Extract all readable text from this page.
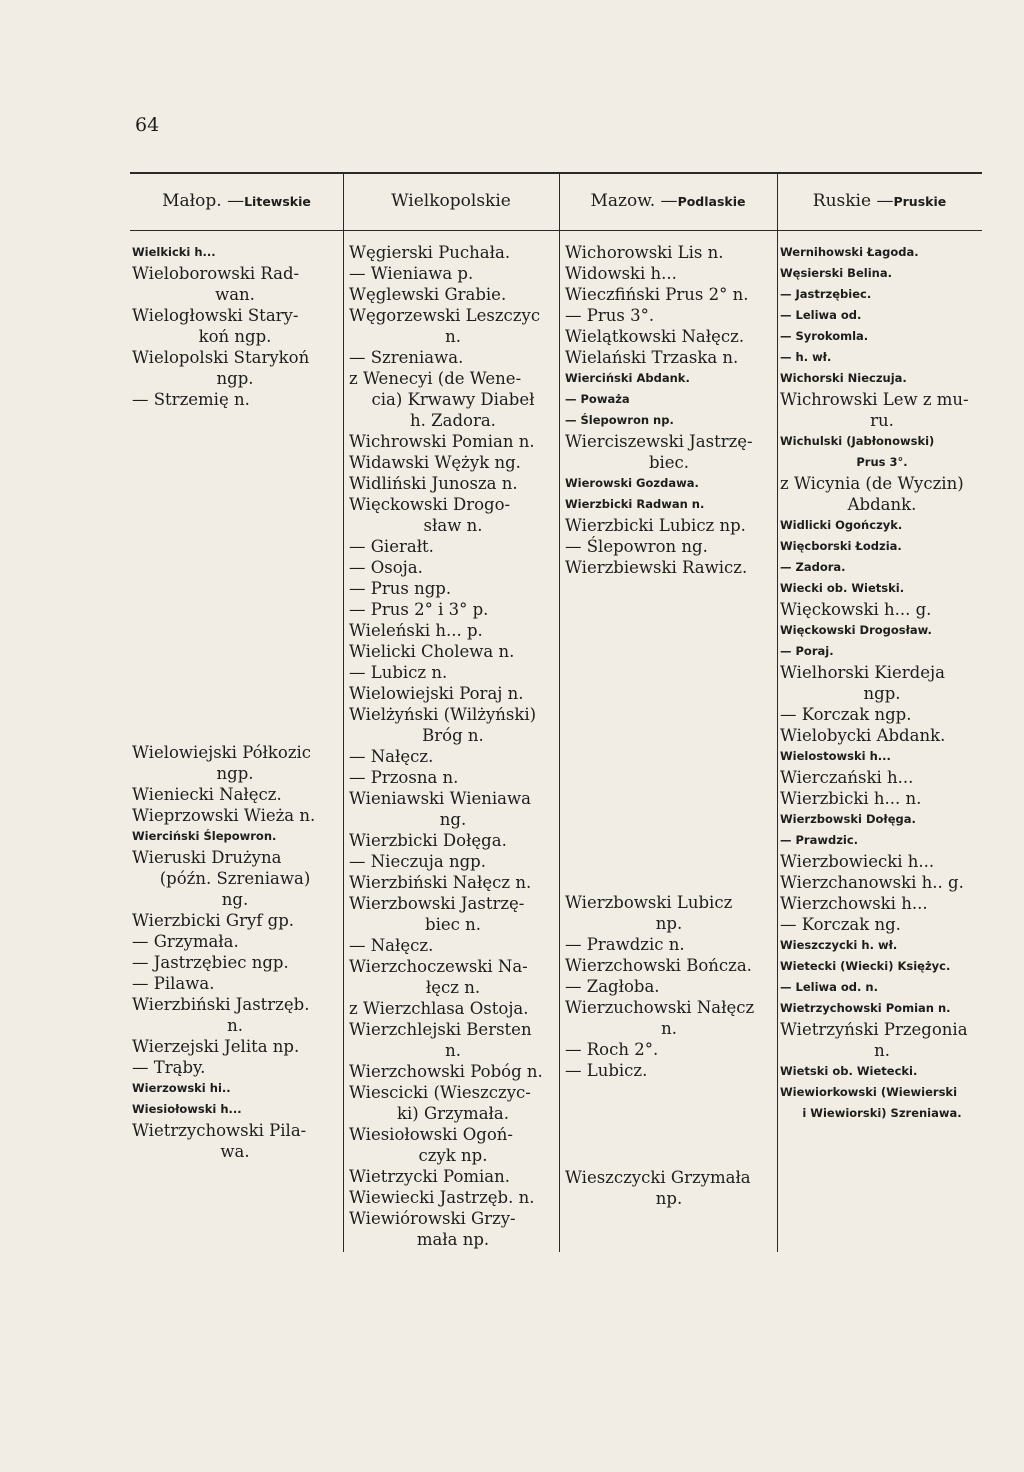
64
Małop. — Litewskie	Wielkopolskie	Mazow. — Podlaskie	Ruskie — Pruskie
Wielkicki h...
Wieloborowski Rad-
wan.
Wielogłowski Stary-
koń ngp.
Wielopolski Starykoń
ngp.
— Strzemię n.
Wielowiejski Półkozic
ngp.
Wieniecki Nałęcz.
Wieprzowski Wieża n.
Wierciński Ślepowron.
Wieruski Drużyna
(późn. Szreniawa)
ng.
Wierzbicki Gryf gp.
— Grzymała.
— Jastrzębiec ngp.
— Pilawa.
Wierzbiński Jastrzęb.
n.
Wierzejski Jelita np.
— Trąby.
Wierzowski hi..
Wiesiołowski h...
Wietrzychowski Pila-
wa.
Węgierski Puchała.
— Wieniawa p.
Węglewski Grabie.
Węgorzewski Leszczyc
n.
— Szreniawa.
z Wenecyi (de Wene-
cia) Krwawy Diabeł
h. Zadora.
Wichrowski Pomian n.
Widawski Wężyk ng.
Widliński Junosza n.
Więckowski Drogo-
sław n.
— Gierałt.
— Osoja.
— Prus ngp.
— Prus 2° i 3° p.
Wieleński h... p.
Wielicki Cholewa n.
— Lubicz n.
Wielowiejski Poraj n.
Wielżyński (Wilżyński)
Bróg n.
— Nałęcz.
— Przosna n.
Wieniawski Wieniawa
ng.
Wierzbicki Dołęga.
— Nieczuja ngp.
Wierzbiński Nałęcz n.
Wierzbowski Jastrzę-
biec n.
— Nałęcz.
Wierzchoczewski Na-
łęcz n.
z Wierzchlasa Ostoja.
Wierzchlejski Bersten
n.
Wierzchowski Pobóg n.
Wiescicki (Wieszczyc-
ki) Grzymała.
Wiesiołowski Ogoń-
czyk np.
Wietrzycki Pomian.
Wiewiecki Jastrzęb. n.
Wiewiórowski Grzy-
mała np.
Wichorowski Lis n.
Widowski h...
Wieczfiński Prus 2° n.
— Prus 3°.
Wielątkowski Nałęcz.
Wielański Trzaska n.
Wierciński Abdank.
— Poważa
— Ślepowron np.
Wierciszewski Jastrzę-
biec.
Wierowski Gozdawa.
Wierzbicki Radwan n.
Wierzbicki Lubicz np.
— Ślepowron ng.
Wierzbiewski Rawicz.
Wierzbowski Lubicz
np.
— Prawdzic n.
Wierzchowski Bończa.
— Zagłoba.
Wierzuchowski Nałęcz
n.
— Roch 2°.
— Lubicz.
Wieszczycki Grzymała
np.
Wernihowski Łagoda.
Węsierski Belina.
— Jastrzębiec.
— Leliwa od.
— Syrokomla.
— h. wł.
Wichorski Nieczuja.
Wichrowski Lew z mu-
ru.
Wichulski (Jabłonowski)
Prus 3°.
z Wicynia (de Wyczin)
Abdank.
Widlicki Ogończyk.
Więcborski Łodzia.
— Zadora.
Wiecki ob. Wietski.
Więckowski h... g.
Więckowski Drogosław.
— Poraj.
Wielhorski Kierdeja
ngp.
— Korczak ngp.
Wielobycki Abdank.
Wielostowski h...
Wierczański h...
Wierzbicki h... n.
Wierzbowski Dołęga.
— Prawdzic.
Wierzbowiecki h...
Wierzchanowski h.. g.
Wierzchowski h...
— Korczak ng.
Wieszczycki h. wł.
Wietecki (Wiecki) Księżyc.
— Leliwa od. n.
Wietrzychowski Pomian n.
Wietrzyński Przegonia
n.
Wietski ob. Wietecki.
Wiewiorkowski (Wiewierski
i Wiewiorski) Szreniawa.
